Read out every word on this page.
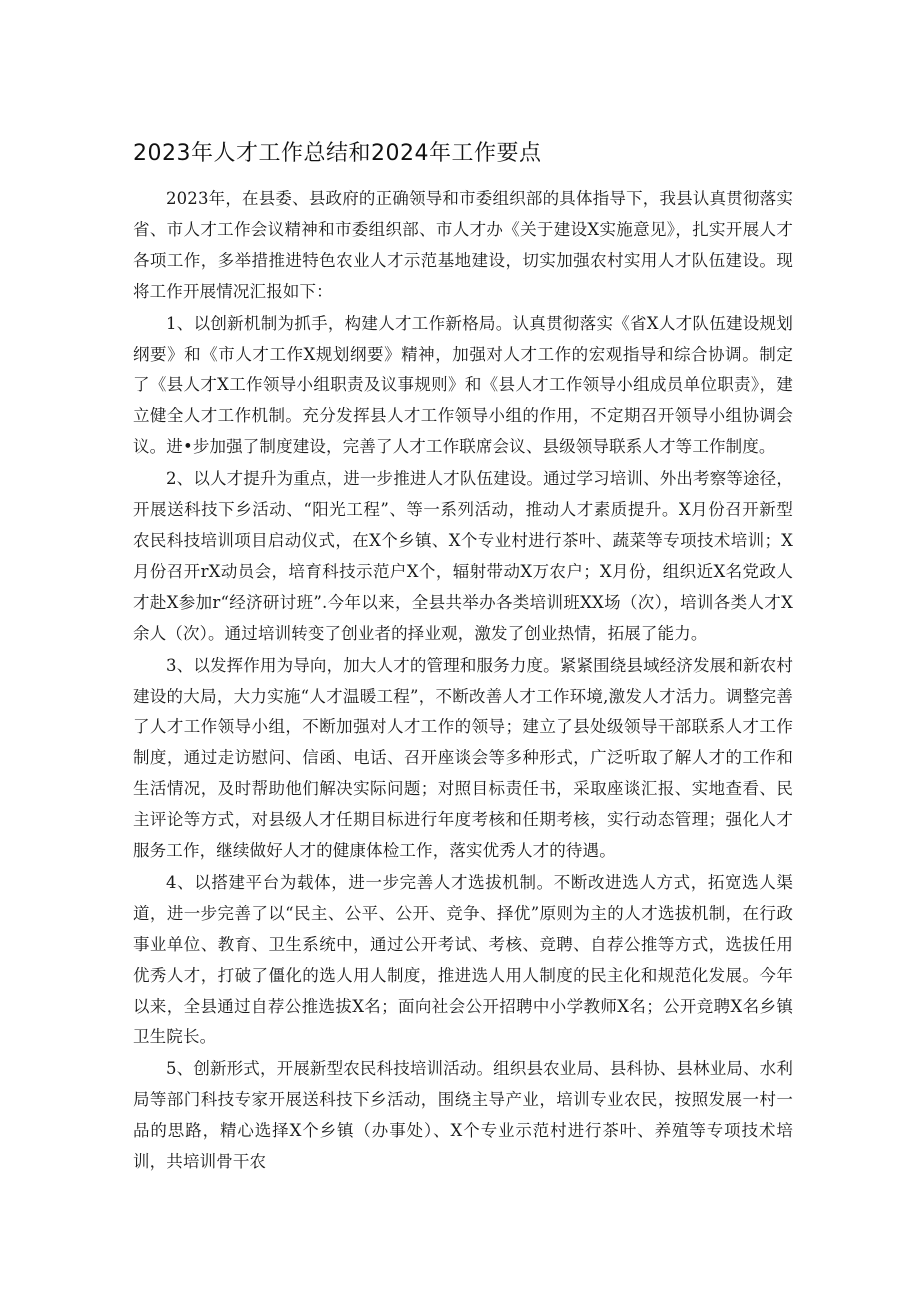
2023年人才工作总结和2024年工作要点

2023年，在县委、县政府的正确领导和市委组织部的具体指导下，我县认真贯彻落实省、市人才工作会议精神和市委组织部、市人才办《关于建设X实施意见》，扎实开展人才各项工作，多举措推进特色农业人才示范基地建设，切实加强农村实用人才队伍建设。现将工作开展情况汇报如下：

1、以创新机制为抓手，构建人才工作新格局。认真贯彻落实《省X人才队伍建设规划纲要》和《市人才工作X规划纲要》精神，加强对人才工作的宏观指导和综合协调。制定了《县人才X工作领导小组职责及议事规则》和《县人才工作领导小组成员单位职责》，建立健全人才工作机制。充分发挥县人才工作领导小组的作用，不定期召开领导小组协调会议。进•步加强了制度建设，完善了人才工作联席会议、县级领导联系人才等工作制度。

2、以人才提升为重点，进一步推进人才队伍建设。通过学习培训、外出考察等途径，开展送科技下乡活动、“阳光工程”、等一系列活动，推动人才素质提升。X月份召开新型农民科技培训项目启动仪式，在X个乡镇、X个专业村进行茶叶、蔬菜等专项技术培训；X月份召开rX动员会，培育科技示范户X个，辐射带动X万农户；X月份，组织近X名党政人才赴X参加r“经济研讨班”.今年以来，全县共举办各类培训班XX场（次），培训各类人才X余人（次）。通过培训转变了创业者的择业观，激发了创业热情，拓展了能力。

3、以发挥作用为导向，加大人才的管理和服务力度。紧紧围绕县域经济发展和新农村建设的大局，大力实施“人才温暖工程”，不断改善人才工作环境,激发人才活力。调整完善了人才工作领导小组，不断加强对人才工作的领导；建立了县处级领导干部联系人才工作制度，通过走访慰问、信函、电话、召开座谈会等多种形式，广泛听取了解人才的工作和生活情况，及时帮助他们解决实际问题；对照目标责任书，采取座谈汇报、实地查看、民主评论等方式，对县级人才任期目标进行年度考核和任期考核，实行动态管理；强化人才服务工作，继续做好人才的健康体检工作，落实优秀人才的待遇。

4、以搭建平台为载体，进一步完善人才选拔机制。不断改进选人方式，拓宽选人渠道，进一步完善了以“民主、公平、公开、竞争、择优”原则为主的人才选拔机制，在行政事业单位、教育、卫生系统中，通过公开考试、考核、竞聘、自荐公推等方式，选拔任用优秀人才，打破了僵化的选人用人制度，推进选人用人制度的民主化和规范化发展。今年以来，全县通过自荐公推选拔X名；面向社会公开招聘中小学教师X名；公开竞聘X名乡镇卫生院长。

5、创新形式，开展新型农民科技培训活动。组织县农业局、县科协、县林业局、水利局等部门科技专家开展送科技下乡活动，围绕主导产业，培训专业农民，按照发展一村一品的思路，精心选择X个乡镇（办事处）、X个专业示范村进行茶叶、养殖等专项技术培训，共培训骨干农
